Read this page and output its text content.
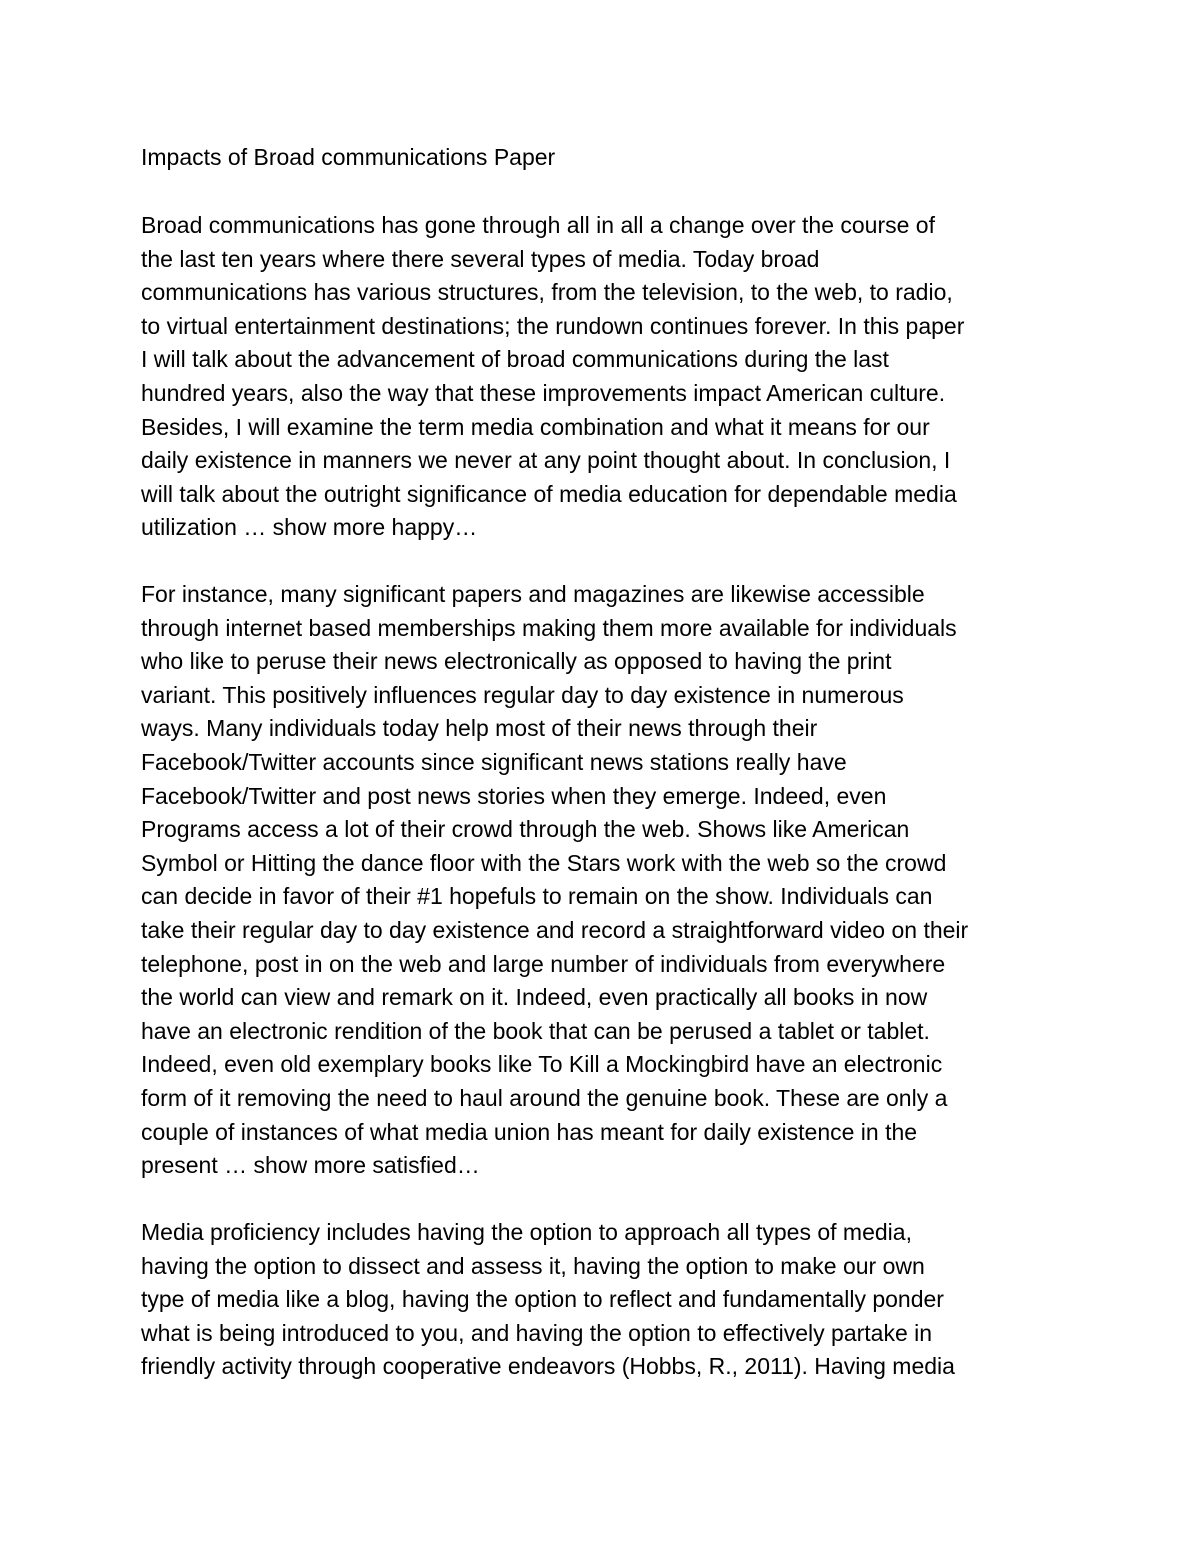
Impacts of Broad communications Paper
Broad communications has gone through all in all a change over the course of
the last ten years where there several types of media. Today broad
communications has various structures, from the television, to the web, to radio,
to virtual entertainment destinations; the rundown continues forever. In this paper
I will talk about the advancement of broad communications during the last
hundred years, also the way that these improvements impact American culture.
Besides, I will examine the term media combination and what it means for our
daily existence in manners we never at any point thought about. In conclusion, I
will talk about the outright significance of media education for dependable media
utilization … show more happy…
For instance, many significant papers and magazines are likewise accessible
through internet based memberships making them more available for individuals
who like to peruse their news electronically as opposed to having the print
variant. This positively influences regular day to day existence in numerous
ways. Many individuals today help most of their news through their
Facebook/Twitter accounts since significant news stations really have
Facebook/Twitter and post news stories when they emerge. Indeed, even
Programs access a lot of their crowd through the web. Shows like American
Symbol or Hitting the dance floor with the Stars work with the web so the crowd
can decide in favor of their #1 hopefuls to remain on the show. Individuals can
take their regular day to day existence and record a straightforward video on their
telephone, post in on the web and large number of individuals from everywhere
the world can view and remark on it. Indeed, even practically all books in now
have an electronic rendition of the book that can be perused a tablet or tablet.
Indeed, even old exemplary books like To Kill a Mockingbird have an electronic
form of it removing the need to haul around the genuine book. These are only a
couple of instances of what media union has meant for daily existence in the
present … show more satisfied…
Media proficiency includes having the option to approach all types of media,
having the option to dissect and assess it, having the option to make our own
type of media like a blog, having the option to reflect and fundamentally ponder
what is being introduced to you, and having the option to effectively partake in
friendly activity through cooperative endeavors (Hobbs, R., 2011). Having media
